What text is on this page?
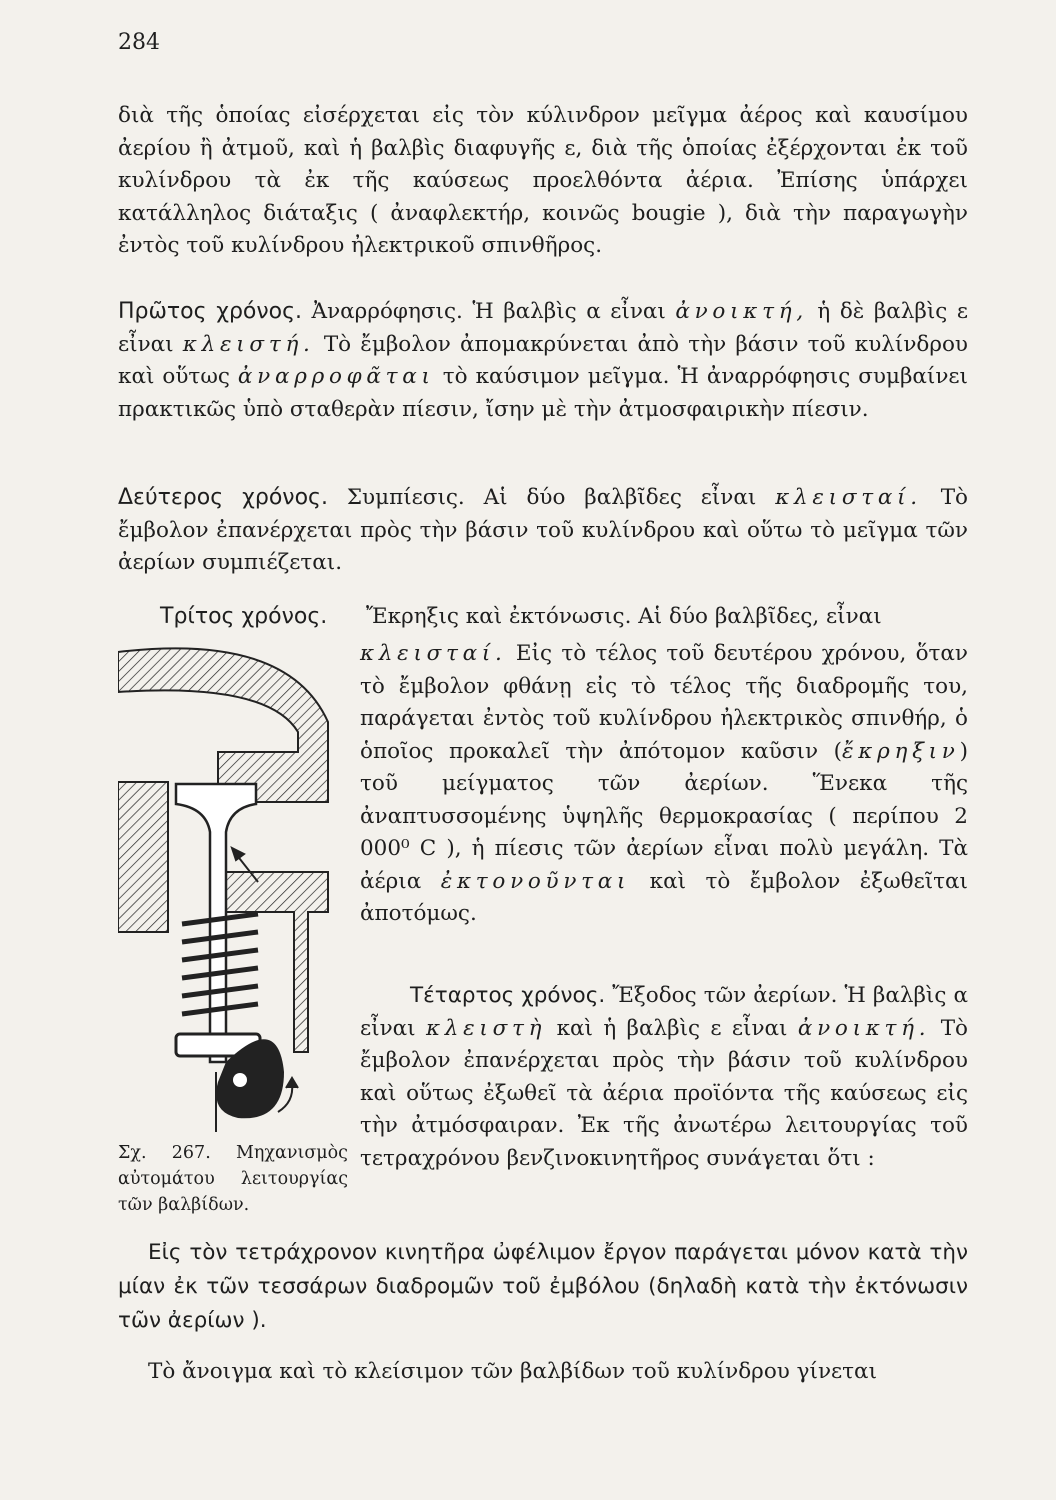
284

διὰ τῆς ὁποίας εἰσέρχεται εἰς τὸν κύλινδρον μεῖγμα ἀέρος καὶ καυσίμου ἀερίου ἢ ἀτμοῦ, καὶ ἡ βαλβὶς διαφυγῆς ε, διὰ τῆς ὁποίας ἐξέρχονται ἐκ τοῦ κυλίνδρου τὰ ἐκ τῆς καύσεως προελθόντα ἀέρια. Ἐπίσης ὑπάρχει κατάλληλος διάταξις ( ἀναφλεκτήρ, κοινῶς bougie ), διὰ τὴν παραγωγὴν ἐντὸς τοῦ κυλίνδρου ἠλεκτρικοῦ σπινθῆρος.

Πρῶτος χρόνος. Ἀναρρόφησις. Ἡ βαλβὶς α εἶναι ἀνοικτή, ἡ δὲ βαλβὶς ε εἶναι κλειστή. Τὸ ἔμβολον ἀπομακρύνεται ἀπὸ τὴν βάσιν τοῦ κυλίνδρου καὶ οὕτως ἀναρροφᾶται τὸ καύσιμον μεῖγμα. Ἡ ἀναρρόφησις συμβαίνει πρακτικῶς ὑπὸ σταθερὰν πίεσιν, ἴσην μὲ τὴν ἀτμοσφαιρικὴν πίεσιν.

Δεύτερος χρόνος. Συμπίεσις. Αἱ δύο βαλβῖδες εἶναι κλεισταί. Τὸ ἔμβολον ἐπανέρχεται πρὸς τὴν βάσιν τοῦ κυλίνδρου καὶ οὕτω τὸ μεῖγμα τῶν ἀερίων συμπιέζεται.

Τρίτος χρόνος. Ἔκρηξις καὶ ἐκτόνωσις. Αἱ δύο βαλβῖδες, εἶναι

κλεισταί. Εἰς τὸ τέλος τοῦ δευτέρου χρόνου, ὅταν τὸ ἔμβολον φθάνῃ εἰς τὸ τέλος τῆς διαδρομῆς του, παράγεται ἐντὸς τοῦ κυλίνδρου ἠλεκτρικὸς σπινθήρ, ὁ ὁποῖος προκαλεῖ τὴν ἀπότομον καῦσιν (ἔκρηξιν) τοῦ μείγματος τῶν ἀερίων. Ἕνεκα τῆς ἀναπτυσσομένης ὑψηλῆς θερμοκρασίας ( περίπου 2 000⁰ C ), ἡ πίεσις τῶν ἀερίων εἶναι πολὺ μεγάλη. Τὰ ἀέρια ἐκτονοῦνται καὶ τὸ ἔμβολον ἐξωθεῖται ἀποτόμως.

Τέταρτος χρόνος. Ἔξοδος τῶν ἀερίων. Ἡ βαλβὶς α εἶναι κλειστὴ καὶ ἡ βαλβὶς ε εἶναι ἀνοικτή. Τὸ ἔμβολον ἐπανέρχεται πρὸς τὴν βάσιν τοῦ κυλίνδρου καὶ οὕτως ἐξωθεῖ τὰ ἀέρια προϊόντα τῆς καύσεως εἰς τὴν ἀτμόσφαιραν. Ἐκ τῆς ἀνωτέρω λειτουργίας τοῦ τετραχρόνου βενζινοκινητῆρος συνάγεται ὅτι :

Σχ. 267. Μηχανισμὸς αὐτομάτου λειτουργίας τῶν βαλβίδων.

Εἰς τὸν τετράχρονον κινητῆρα ὠφέλιμον ἔργον παράγεται μόνον κατὰ τὴν μίαν ἐκ τῶν τεσσάρων διαδρομῶν τοῦ ἐμβόλου (δηλαδὴ κατὰ τὴν ἐκτόνωσιν τῶν ἀερίων ).

Τὸ ἄνοιγμα καὶ τὸ κλείσιμον τῶν βαλβίδων τοῦ κυλίνδρου γίνεται
